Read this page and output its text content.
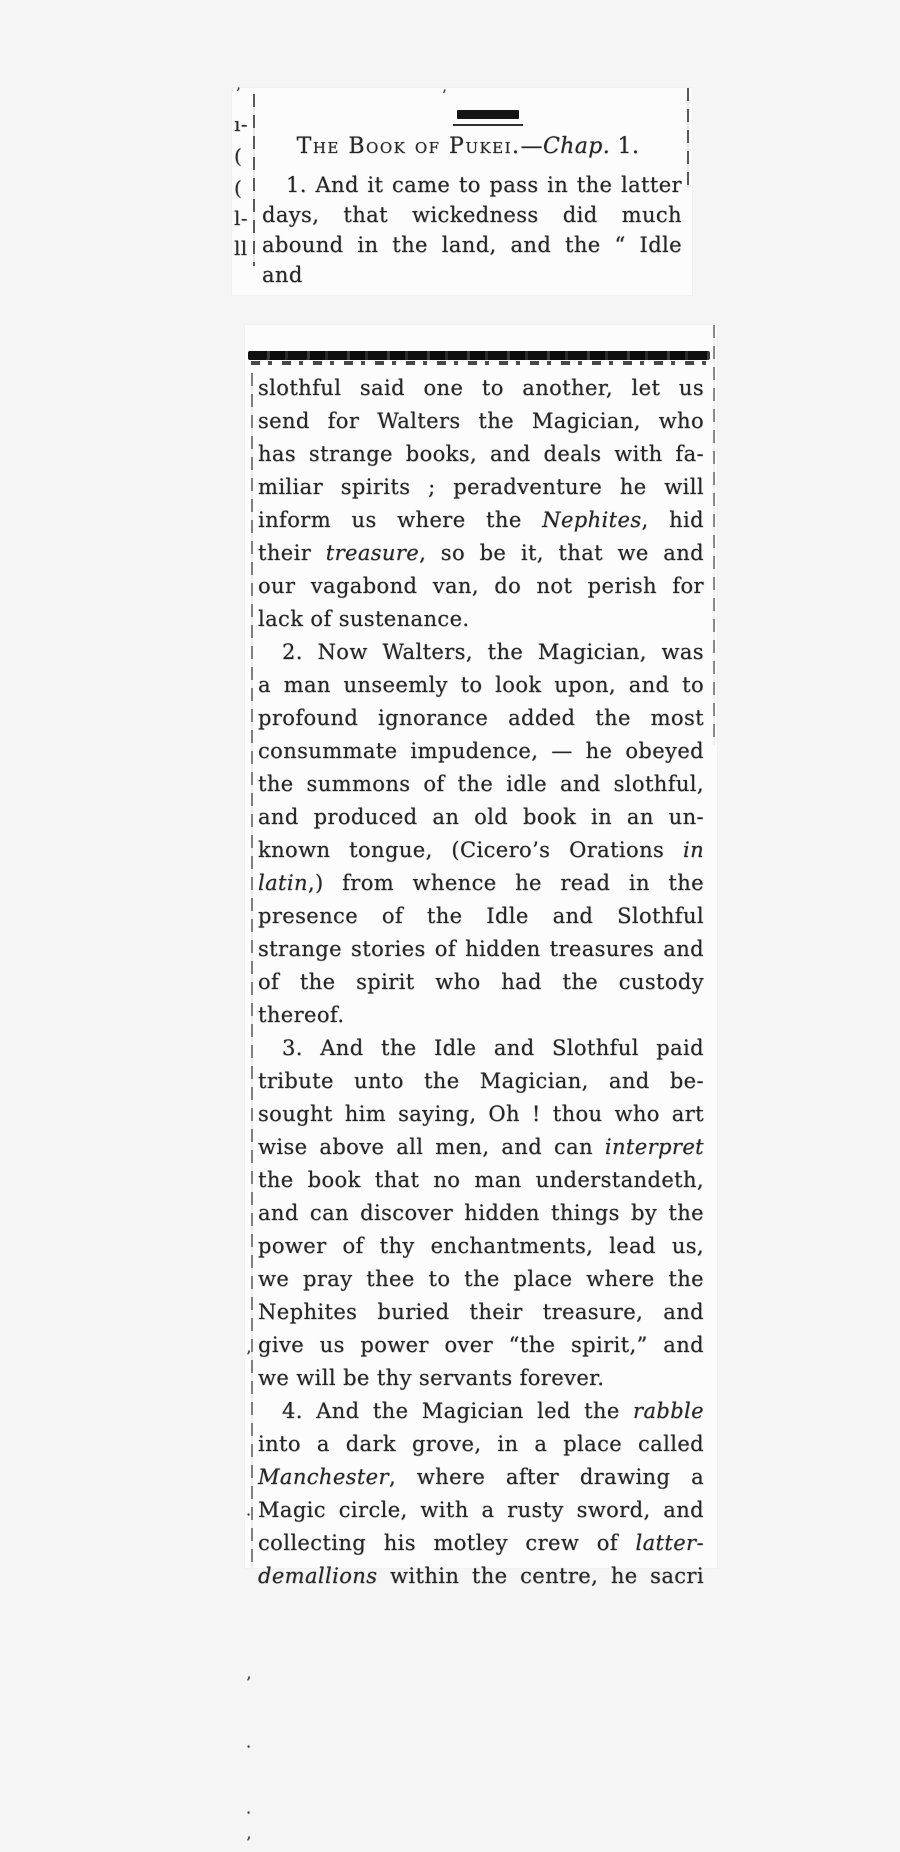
’	’
ı-
(
(
l-
ll
The Book of Pukei.—Chap. 1.
1. And it came to pass in the latter
days, that wickedness did much
abound in the land, and the “ Idle and
’
·
’
·
·
’
slothful said one to another, let us
send for Walters the Magician, who
has strange books, and deals with fa-
miliar spirits ; peradventure he will
inform us where the Nephites, hid
their treasure, so be it, that we and
our vagabond van, do not perish for
lack of sustenance.
2. Now Walters, the Magician, was
a man unseemly to look upon, and to
profound ignorance added the most
consummate impudence, — he obeyed
the summons of the idle and slothful,
and produced an old book in an un-
known tongue, (Cicero’s Orations in
latin,) from whence he read in the
presence of the Idle and Slothful
strange stories of hidden treasures and
of the spirit who had the custody
thereof.
3. And the Idle and Slothful paid
tribute unto the Magician, and be-
sought him saying, Oh ! thou who art
wise above all men, and can interpret
the book that no man understandeth,
and can discover hidden things by the
power of thy enchantments, lead us,
we pray thee to the place where the
Nephites buried their treasure, and
give us power over “the spirit,” and
we will be thy servants forever.
4. And the Magician led the rabble
into a dark grove, in a place called
Manchester, where after drawing a
Magic circle, with a rusty sword, and
collecting his motley crew of latter-
demallions within the centre, he sacri
